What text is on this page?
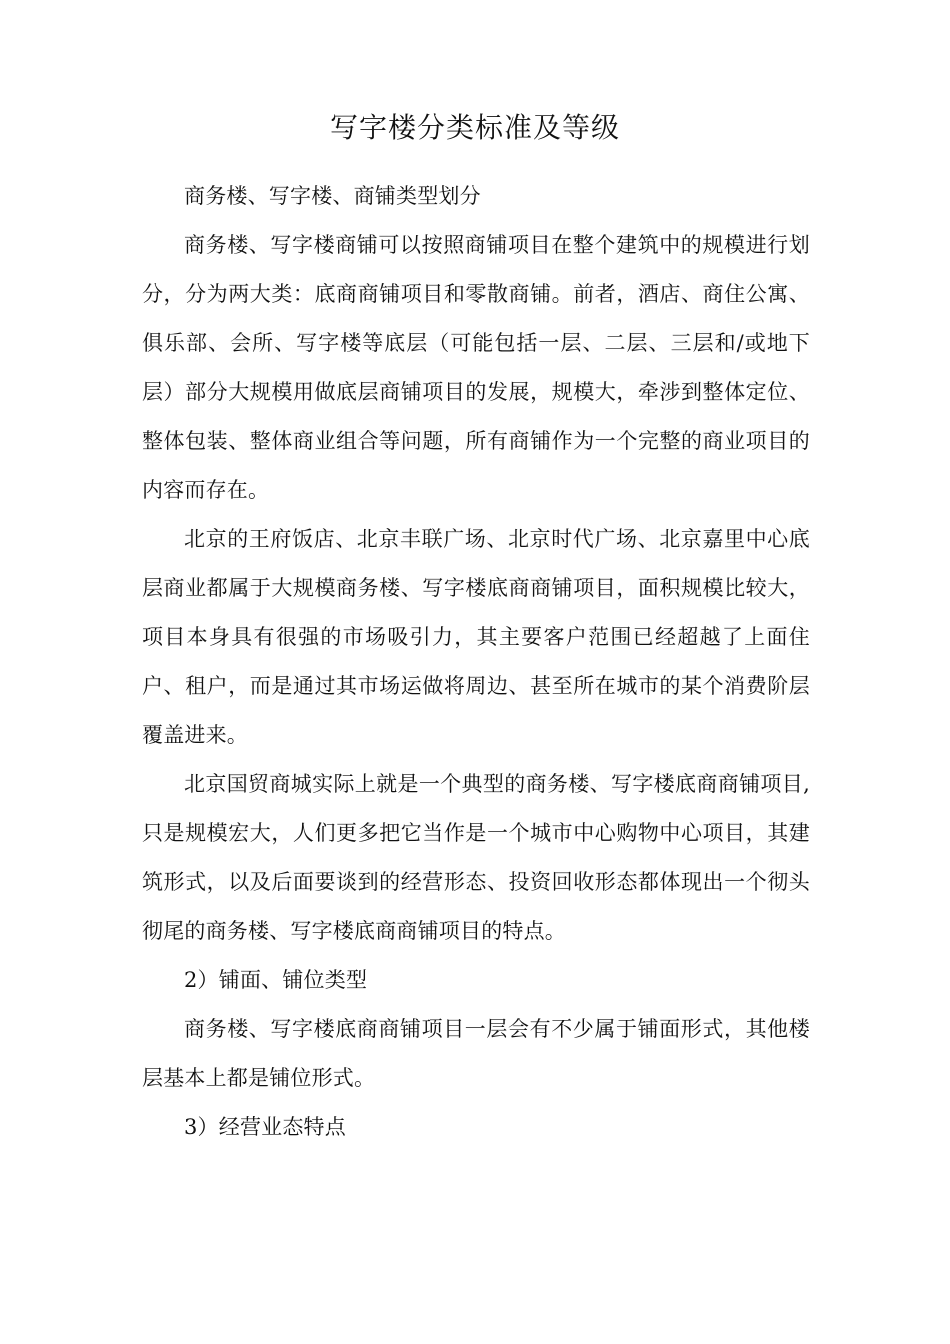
写字楼分类标准及等级

商务楼、写字楼、商铺类型划分

商务楼、写字楼商铺可以按照商铺项目在整个建筑中的规模进行划分，分为两大类：底商商铺项目和零散商铺。前者，酒店、商住公寓、俱乐部、会所、写字楼等底层（可能包括一层、二层、三层和/或地下层）部分大规模用做底层商铺项目的发展，规模大，牵涉到整体定位、整体包装、整体商业组合等问题，所有商铺作为一个完整的商业项目的内容而存在。

北京的王府饭店、北京丰联广场、北京时代广场、北京嘉里中心底层商业都属于大规模商务楼、写字楼底商商铺项目，面积规模比较大，项目本身具有很强的市场吸引力，其主要客户范围已经超越了上面住户、租户，而是通过其市场运做将周边、甚至所在城市的某个消费阶层覆盖进来。

北京国贸商城实际上就是一个典型的商务楼、写字楼底商商铺项目,只是规模宏大，人们更多把它当作是一个城市中心购物中心项目，其建筑形式，以及后面要谈到的经营形态、投资回收形态都体现出一个彻头彻尾的商务楼、写字楼底商商铺项目的特点。

2）铺面、铺位类型

商务楼、写字楼底商商铺项目一层会有不少属于铺面形式，其他楼层基本上都是铺位形式。

3）经营业态特点
